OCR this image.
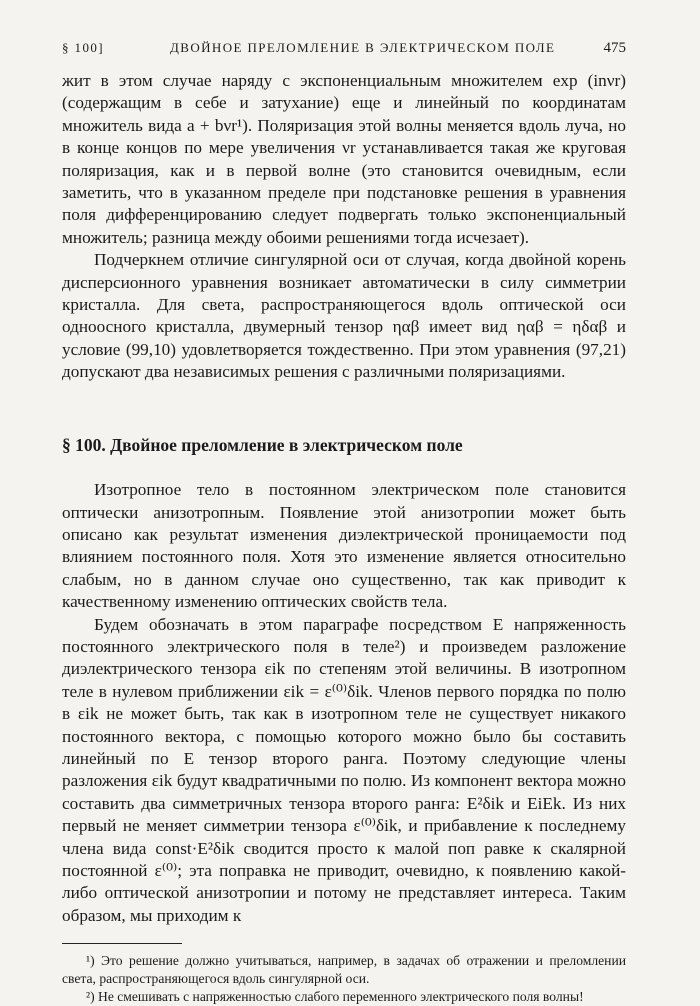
§ 100]	ДВОЙНОЕ ПРЕЛОМЛЕНИЕ В ЭЛЕКТРИЧЕСКОМ ПОЛЕ	475

жит в этом случае наряду с экспоненциальным множителем exp (inνr) (содержащим в себе и затухание) еще и линейный по координатам множитель вида a + bνr¹). Поляризация этой волны меняется вдоль луча, но в конце концов по мере увеличения νr устанавливается такая же круговая поляризация, как и в первой волне (это становится очевидным, если заметить, что в указанном пределе при подстановке решения в уравнения поля дифференцированию следует подвергать только экспоненциальный множитель; разница между обоими решениями тогда исчезает).

Подчеркнем отличие сингулярной оси от случая, когда двойной корень дисперсионного уравнения возникает автоматически в силу симметрии кристалла. Для света, распространяющегося вдоль оптической оси одноосного кристалла, двумерный тензор ηαβ имеет вид ηαβ = ηδαβ и условие (99,10) удовлетворяется тождественно. При этом уравнения (97,21) допускают два независимых решения с различными поляризациями.

§ 100. Двойное преломление в электрическом поле

Изотропное тело в постоянном электрическом поле становится оптически анизотропным. Появление этой анизотропии может быть описано как результат изменения диэлектрической проницаемости под влиянием постоянного поля. Хотя это изменение является относительно слабым, но в данном случае оно существенно, так как приводит к качественному изменению оптических свойств тела.

Будем обозначать в этом параграфе посредством E напряженность постоянного электрического поля в теле²) и произведем разложение диэлектрического тензора εik по степеням этой величины. В изотропном теле в нулевом приближении εik = ε⁽⁰⁾δik. Членов первого порядка по полю в εik не может быть, так как в изотропном теле не существует никакого постоянного вектора, с помощью которого можно было бы составить линейный по E тензор второго ранга. Поэтому следующие члены разложения εik будут квадратичными по полю. Из компонент вектора можно составить два симметричных тензора второго ранга: E²δik и EiEk. Из них первый не меняет симметрии тензора ε⁽⁰⁾δik, и прибавление к последнему члена вида const·E²δik сводится просто к малой поп равке к скалярной постоянной ε⁽⁰⁾; эта поправка не приводит, очевидно, к появлению какой-либо оптической анизотропии и потому не представляет интереса. Таким образом, мы приходим к

¹) Это решение должно учитываться, например, в задачах об отражении и преломлении света, распространяющегося вдоль сингулярной оси.

²) Не смешивать с напряженностью слабого переменного электрического поля волны!
